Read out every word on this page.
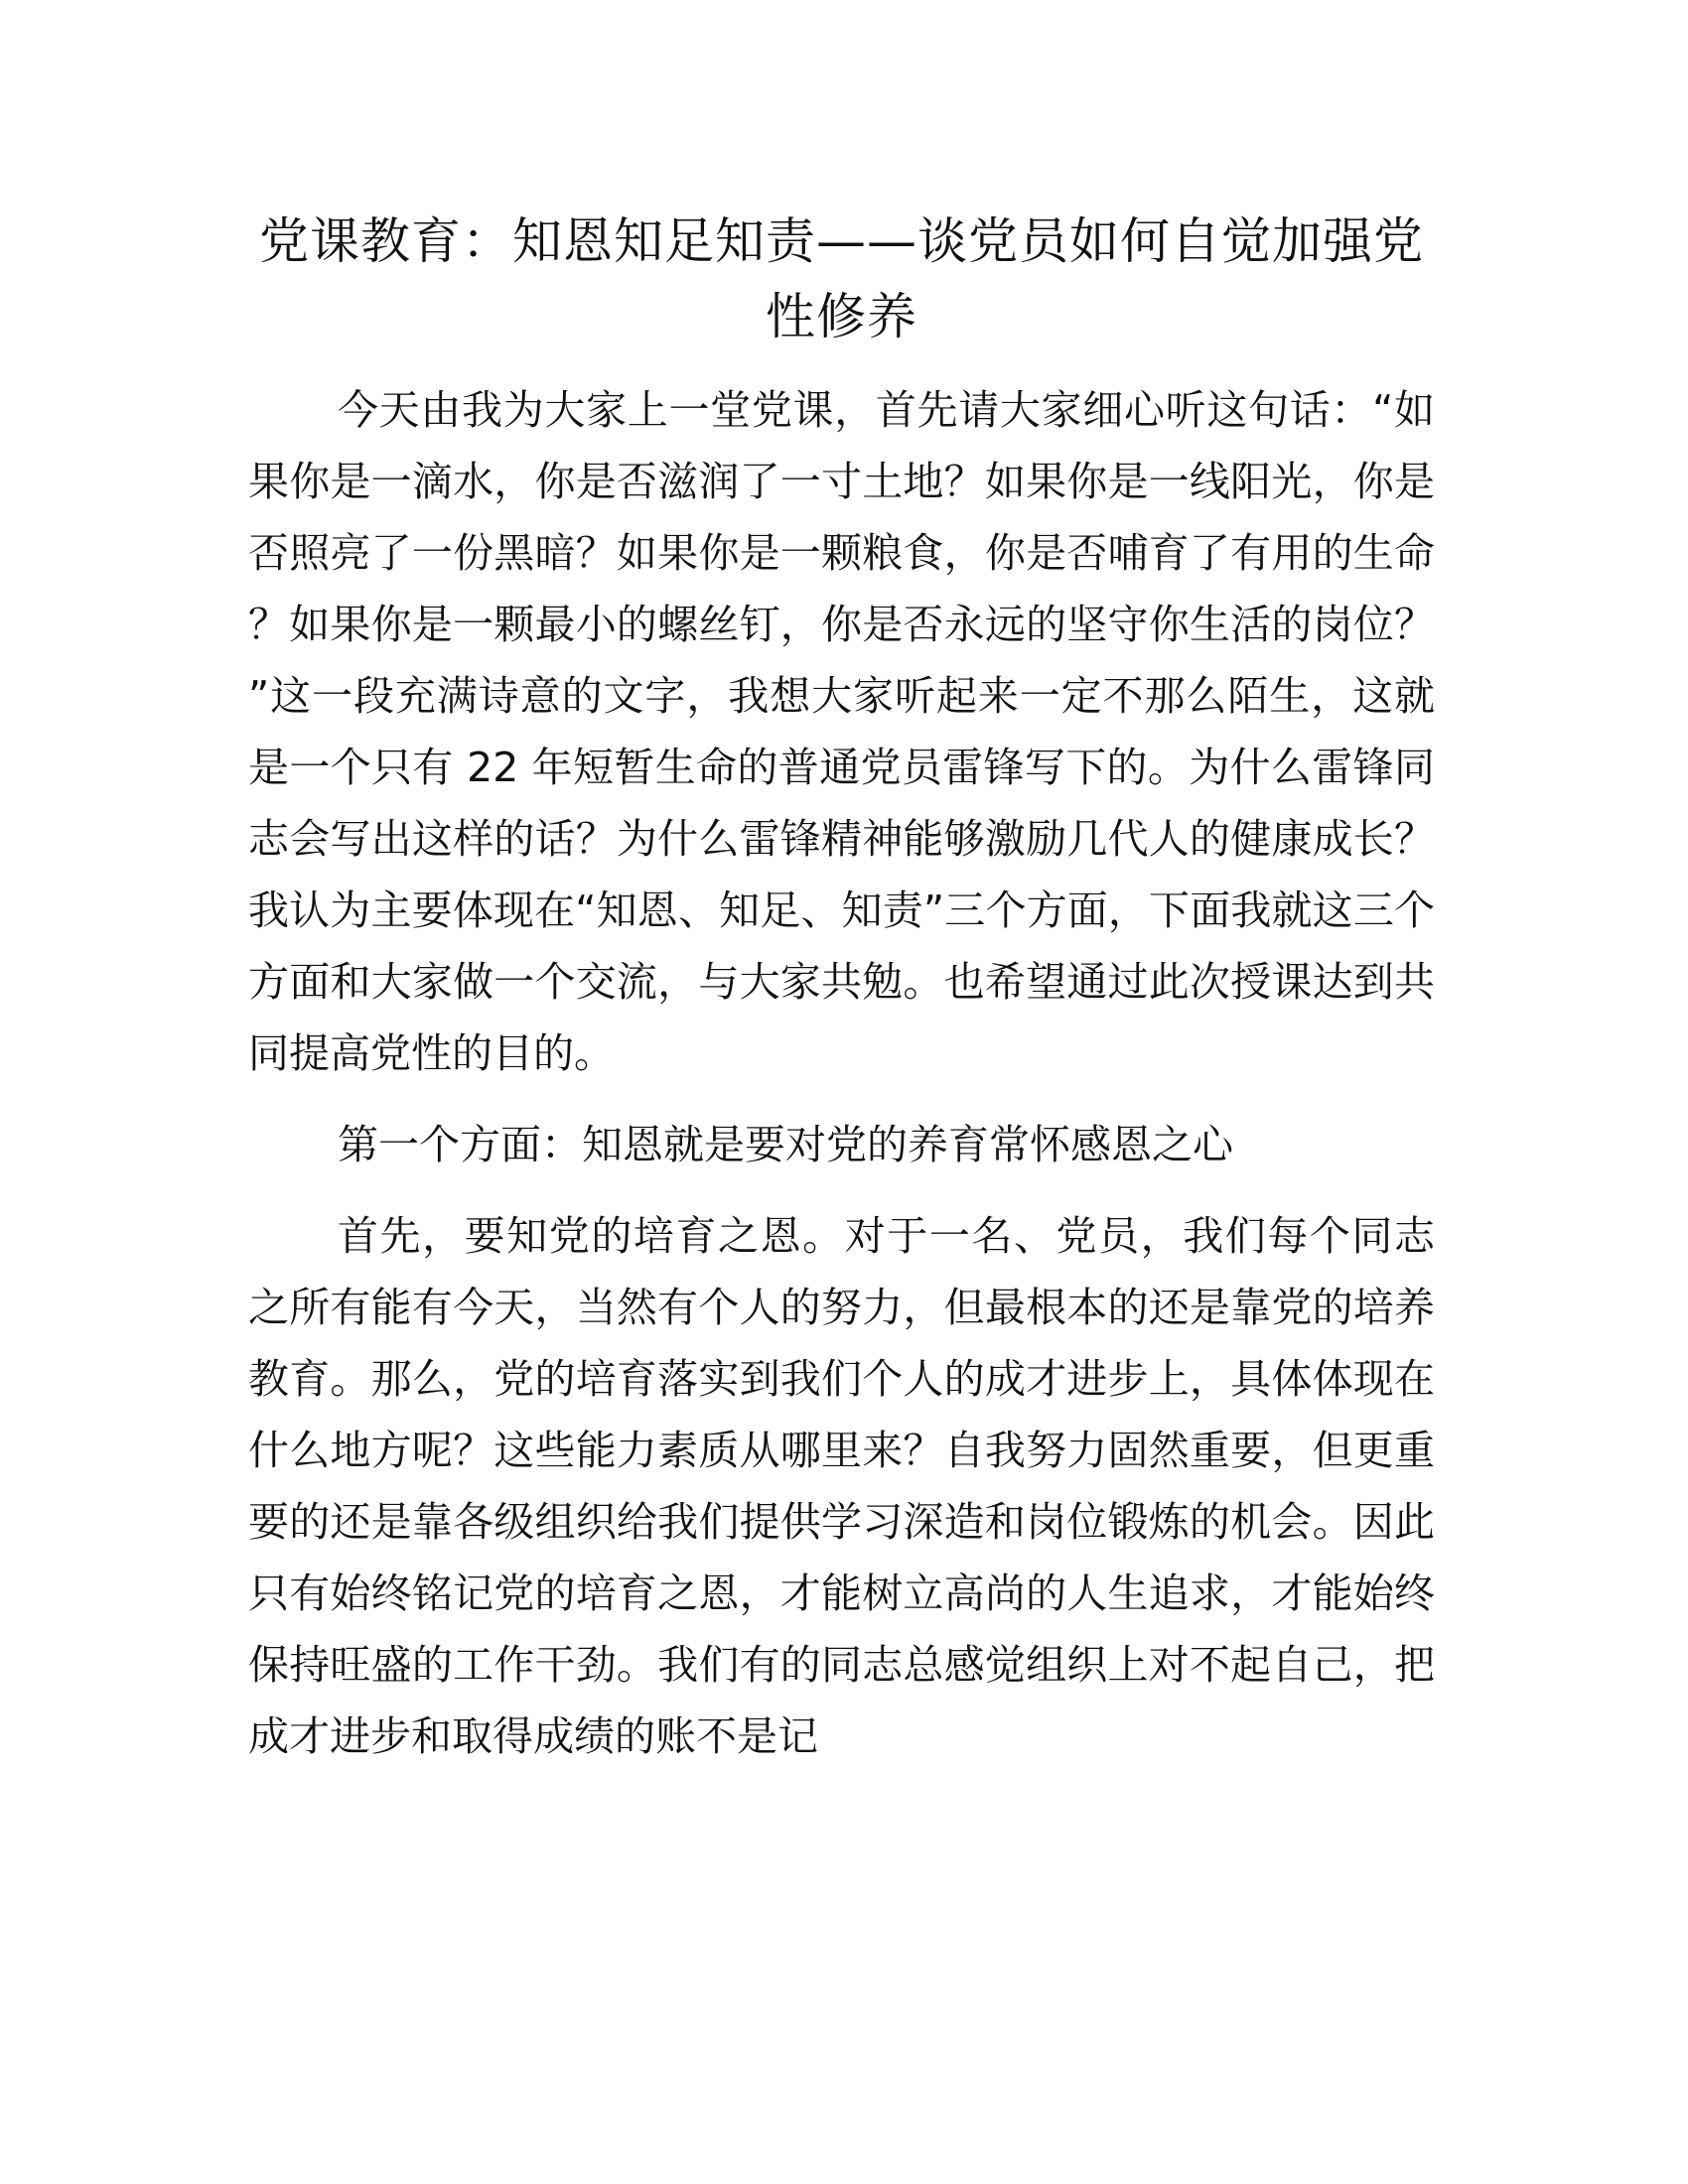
党课教育：知恩知足知责——谈党员如何自觉加强党性修养

今天由我为大家上一堂党课，首先请大家细心听这句话：“如果你是一滴水，你是否滋润了一寸土地？如果你是一线阳光，你是否照亮了一份黑暗？如果你是一颗粮食，你是否哺育了有用的生命？如果你是一颗最小的螺丝钉，你是否永远的坚守你生活的岗位？”这一段充满诗意的文字，我想大家听起来一定不那么陌生，这就是一个只有 22 年短暂生命的普通党员雷锋写下的。为什么雷锋同志会写出这样的话？为什么雷锋精神能够激励几代人的健康成长？我认为主要体现在“知恩、知足、知责”三个方面，下面我就这三个方面和大家做一个交流，与大家共勉。也希望通过此次授课达到共同提高党性的目的。

第一个方面：知恩就是要对党的养育常怀感恩之心

首先，要知党的培育之恩。对于一名、党员，我们每个同志之所有能有今天，当然有个人的努力，但最根本的还是靠党的培养教育。那么，党的培育落实到我们个人的成才进步上，具体体现在什么地方呢？这些能力素质从哪里来？自我努力固然重要，但更重要的还是靠各级组织给我们提供学习深造和岗位锻炼的机会。因此只有始终铭记党的培育之恩，才能树立高尚的人生追求，才能始终保持旺盛的工作干劲。我们有的同志总感觉组织上对不起自己，把成才进步和取得成绩的账不是记
